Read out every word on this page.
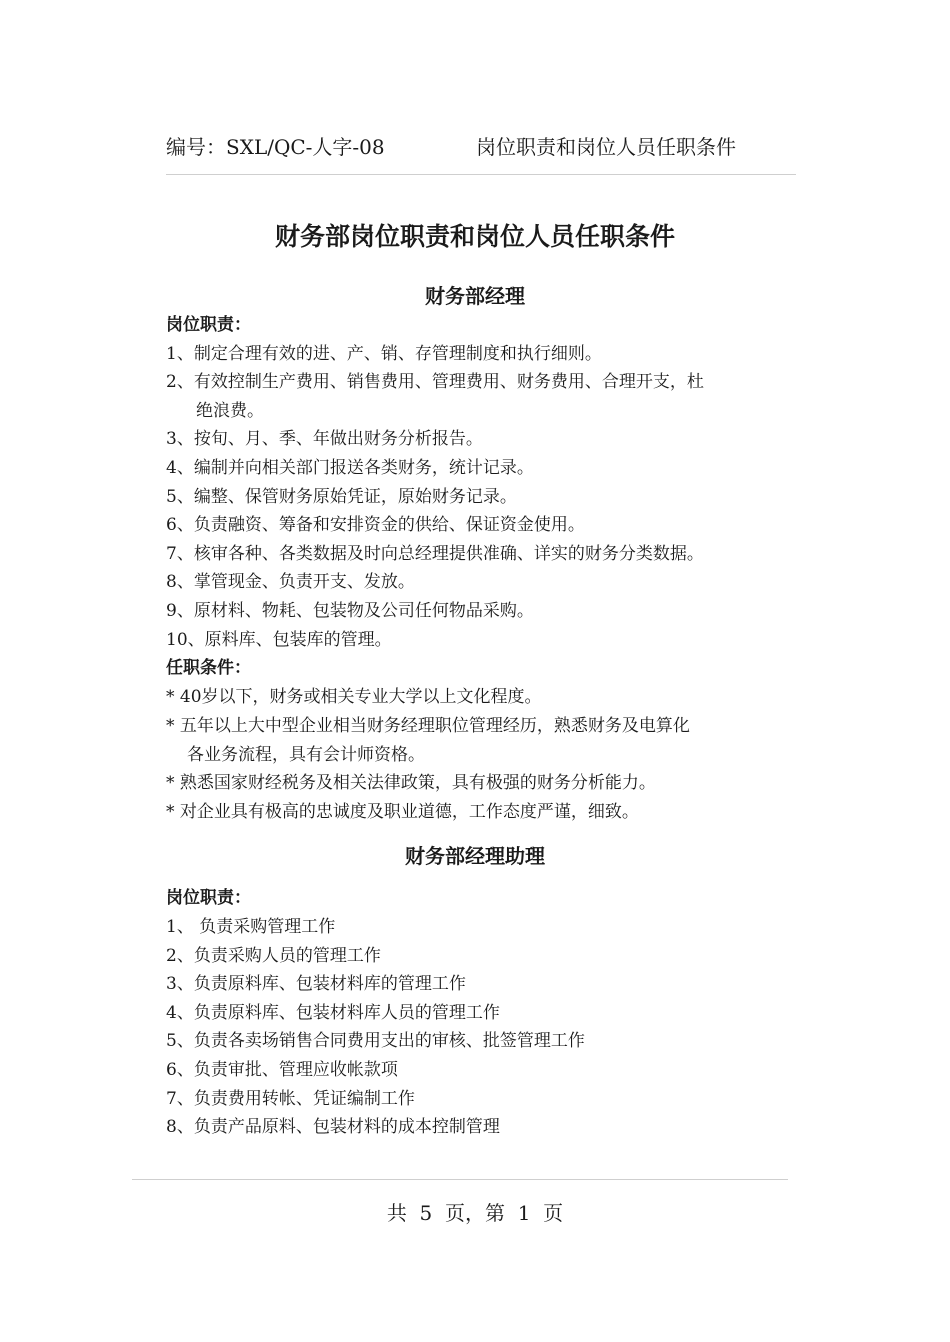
编号：SXL/QC-人字-08	岗位职责和岗位人员任职条件
财务部岗位职责和岗位人员任职条件
财务部经理
岗位职责：
1、制定合理有效的进、产、销、存管理制度和执行细则。
2、有效控制生产费用、销售费用、管理费用、财务费用、合理开支，杜
绝浪费。
3、按旬、月、季、年做出财务分析报告。
4、编制并向相关部门报送各类财务，统计记录。
5、编整、保管财务原始凭证，原始财务记录。
6、负责融资、筹备和安排资金的供给、保证资金使用。
7、核审各种、各类数据及时向总经理提供准确、详实的财务分类数据。
8、掌管现金、负责开支、发放。
9、原材料、物耗、包装物及公司任何物品采购。
10、原料库、包装库的管理。
任职条件：
* 40岁以下，财务或相关专业大学以上文化程度。
* 五年以上大中型企业相当财务经理职位管理经历，熟悉财务及电算化
各业务流程，具有会计师资格。
* 熟悉国家财经税务及相关法律政策，具有极强的财务分析能力。
* 对企业具有极高的忠诚度及职业道德，工作态度严谨，细致。
财务部经理助理
岗位职责：
1、 负责采购管理工作
2、负责采购人员的管理工作
3、负责原料库、包装材料库的管理工作
4、负责原料库、包装材料库人员的管理工作
5、负责各卖场销售合同费用支出的审核、批签管理工作
6、负责审批、管理应收帐款项
7、负责费用转帐、凭证编制工作
8、负责产品原料、包装材料的成本控制管理
共  5  页，第  1  页
